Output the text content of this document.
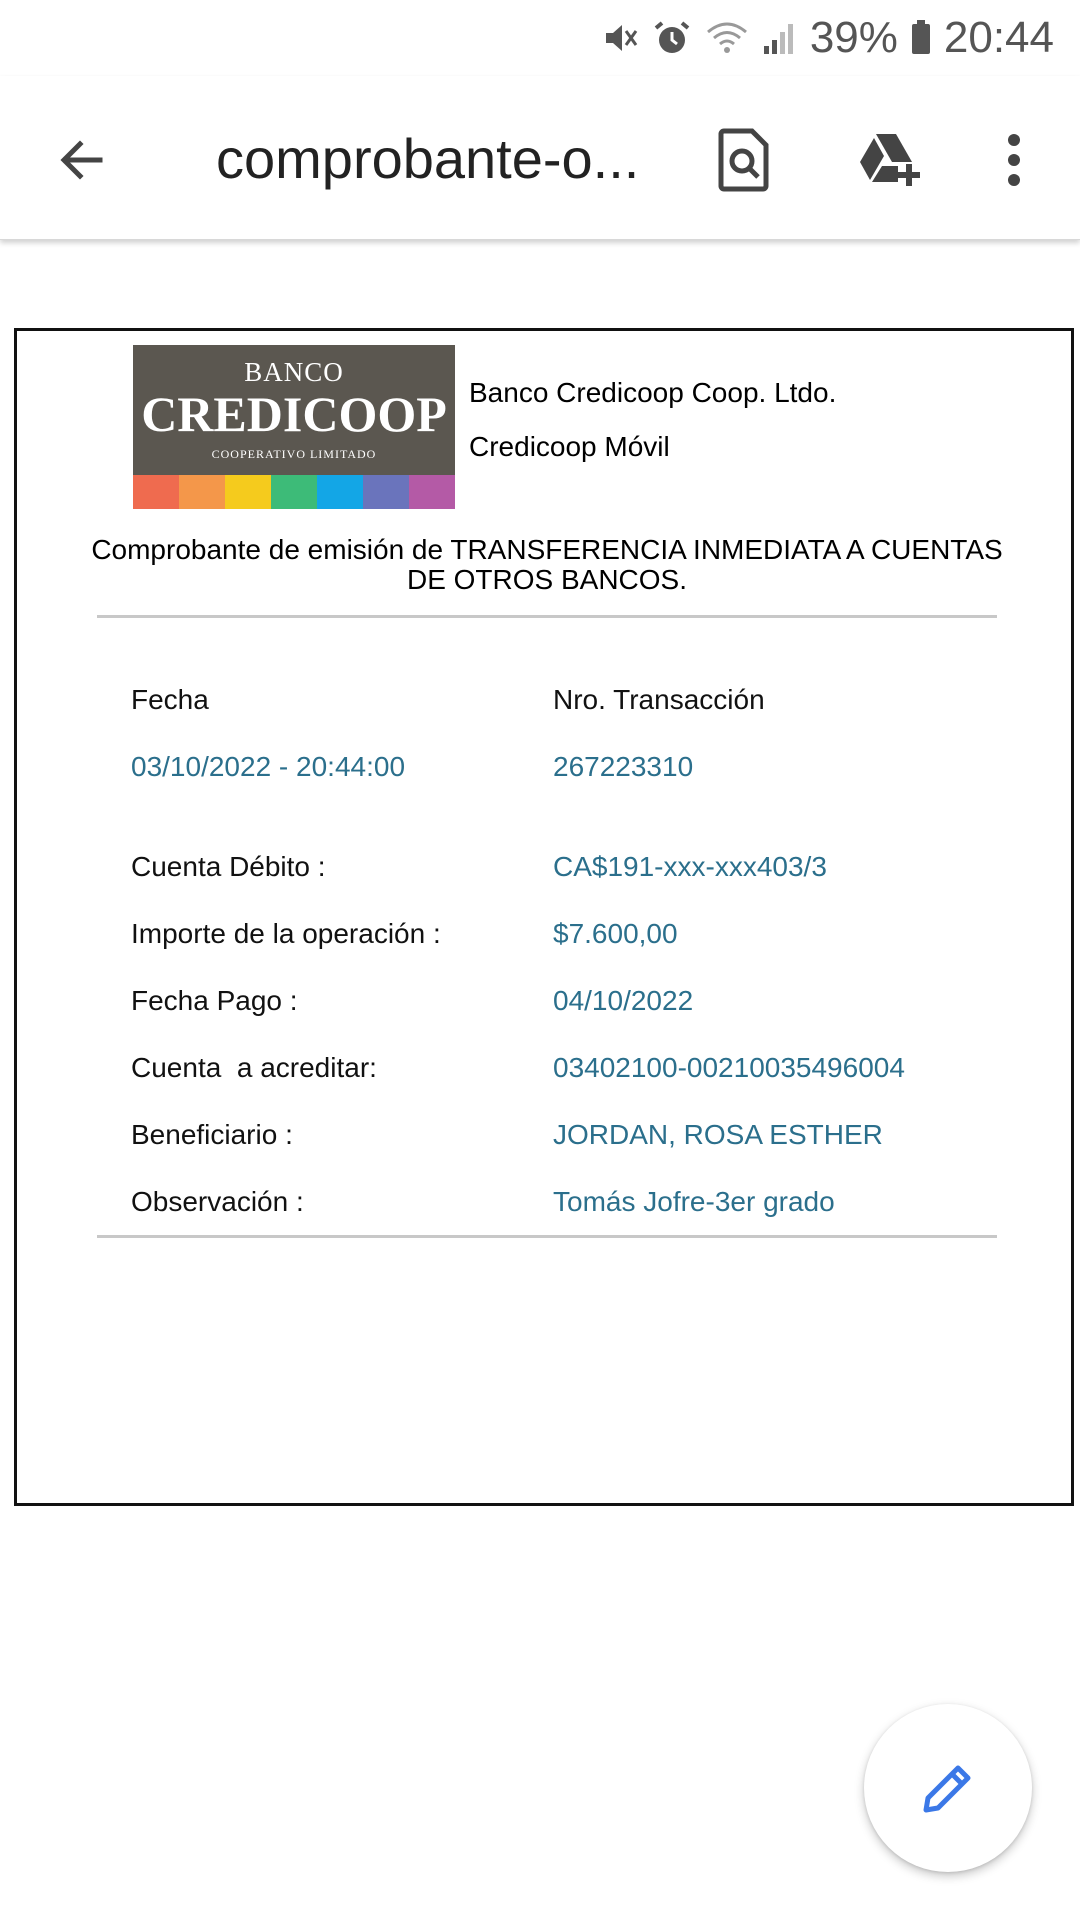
39% 20:44
comprobante-o...
BANCO
CREDICOOP
COOPERATIVO LIMITADO
Banco Credicoop Coop. Ltdo.
Credicoop Móvil
Comprobante de emisión de TRANSFERENCIA INMEDIATA A CUENTAS
DE OTROS BANCOS.
Fecha	Nro. Transacción
03/10/2022 - 20:44:00	267223310
Cuenta Débito :	CA$191-xxx-xxx403/3
Importe de la operación :	$7.600,00
Fecha Pago :	04/10/2022
Cuenta  a acreditar:	03402100-00210035496004
Beneficiario :	JORDAN, ROSA ESTHER
Observación :	Tomás Jofre-3er grado
